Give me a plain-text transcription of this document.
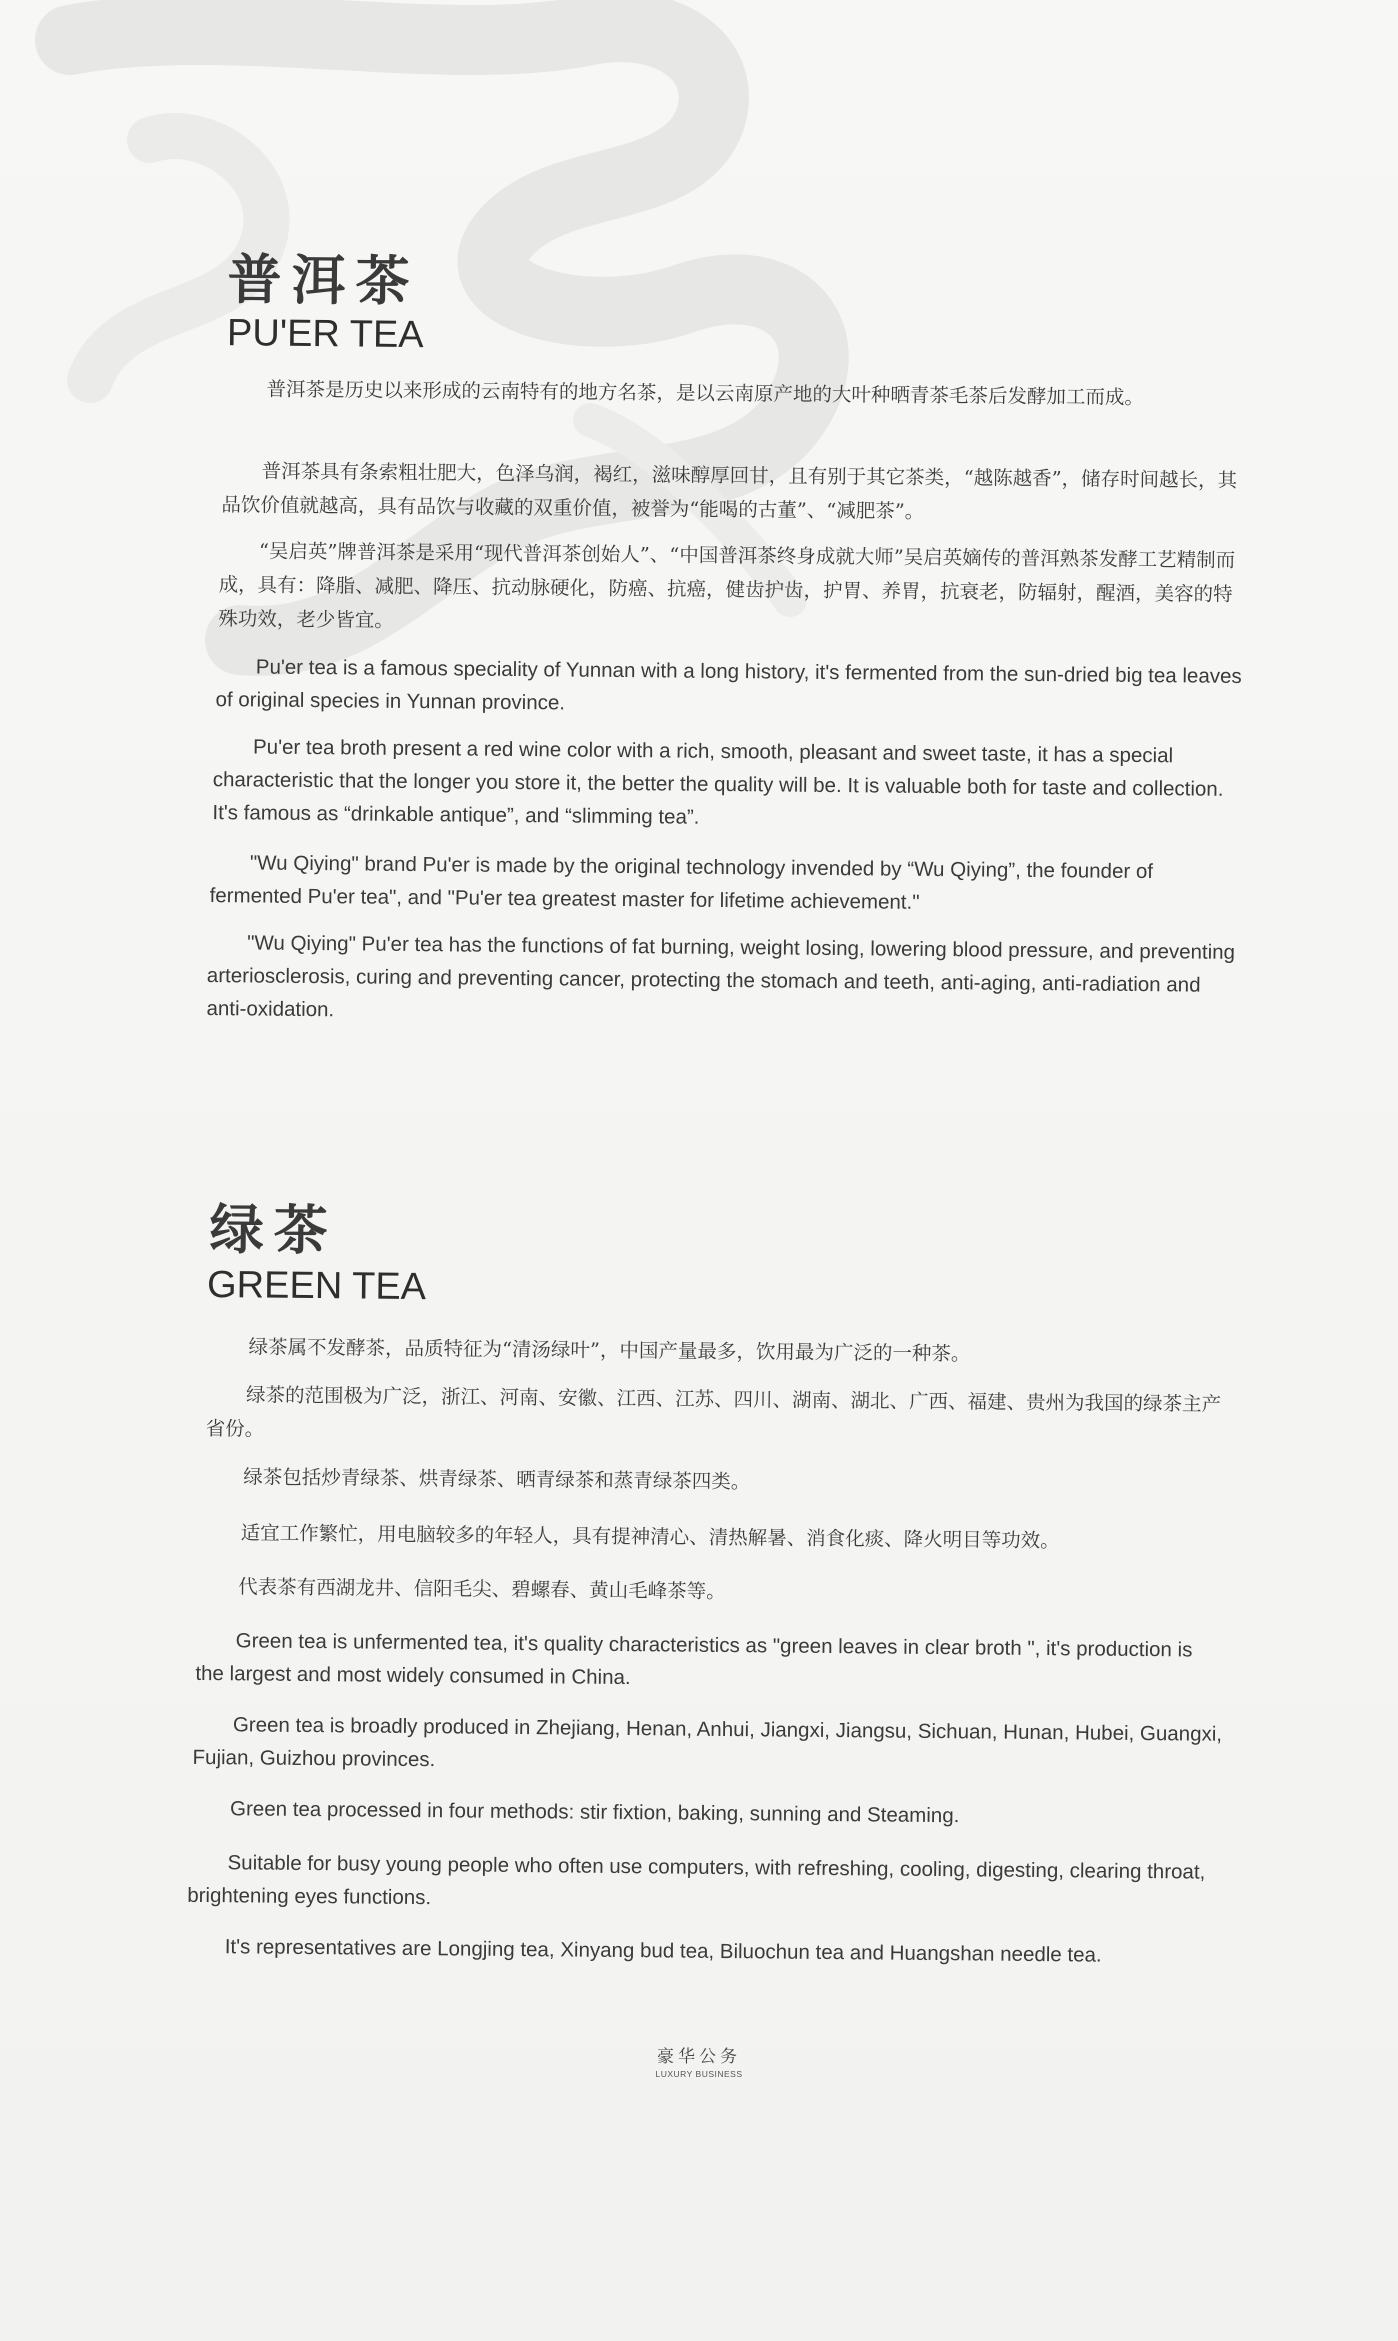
普洱茶
PU'ER TEA

普洱茶是历史以来形成的云南特有的地方名茶，是以云南原产地的大叶种晒青茶毛茶后发酵加工而成。

普洱茶具有条索粗壮肥大，色泽乌润，褐红，滋味醇厚回甘，且有别于其它茶类，“越陈越香”，储存时间越长，其品饮价值就越高，具有品饮与收藏的双重价值，被誉为“能喝的古董”、“减肥茶”。

“吴启英”牌普洱茶是采用“现代普洱茶创始人”、“中国普洱茶终身成就大师”吴启英嫡传的普洱熟茶发酵工艺精制而成，具有：降脂、减肥、降压、抗动脉硬化，防癌、抗癌，健齿护齿，护胃、养胃，抗衰老，防辐射，醒酒，美容的特殊功效，老少皆宜。

Pu'er tea is a famous speciality of Yunnan with a long history, it's fermented from the sun-dried big tea leaves of original species in Yunnan province.

Pu'er tea broth present a red wine color with a rich, smooth, pleasant and sweet taste, it has a special characteristic that the longer you store it, the better the quality will be. It is valuable both for taste and collection. It's famous as “drinkable antique”, and “slimming tea”.

"Wu Qiying" brand Pu'er is made by the original technology invended by “Wu Qiying”, the founder of fermented Pu'er tea", and "Pu'er tea greatest master for lifetime achievement."

"Wu Qiying" Pu'er tea has the functions of fat burning, weight losing, lowering blood pressure, and preventing arteriosclerosis, curing and preventing cancer, protecting the stomach and teeth, anti-aging, anti-radiation and anti-oxidation.

绿茶
GREEN TEA

绿茶属不发酵茶，品质特征为“清汤绿叶”，中国产量最多，饮用最为广泛的一种茶。

绿茶的范围极为广泛，浙江、河南、安徽、江西、江苏、四川、湖南、湖北、广西、福建、贵州为我国的绿茶主产省份。

绿茶包括炒青绿茶、烘青绿茶、晒青绿茶和蒸青绿茶四类。

适宜工作繁忙，用电脑较多的年轻人，具有提神清心、清热解暑、消食化痰、降火明目等功效。

代表茶有西湖龙井、信阳毛尖、碧螺春、黄山毛峰茶等。

Green tea is unfermented tea, it's quality characteristics as "green leaves in clear broth ", it's production is the largest and most widely consumed in China.

Green tea is broadly produced in Zhejiang, Henan, Anhui, Jiangxi, Jiangsu, Sichuan, Hunan, Hubei, Guangxi, Fujian, Guizhou provinces.

Green tea processed in four methods: stir fixtion, baking, sunning and Steaming.

Suitable for busy young people who often use computers, with refreshing, cooling, digesting, clearing throat, brightening eyes functions.

It's representatives are Longjing tea, Xinyang bud tea, Biluochun tea and Huangshan needle tea.

豪华公务
LUXURY BUSINESS
